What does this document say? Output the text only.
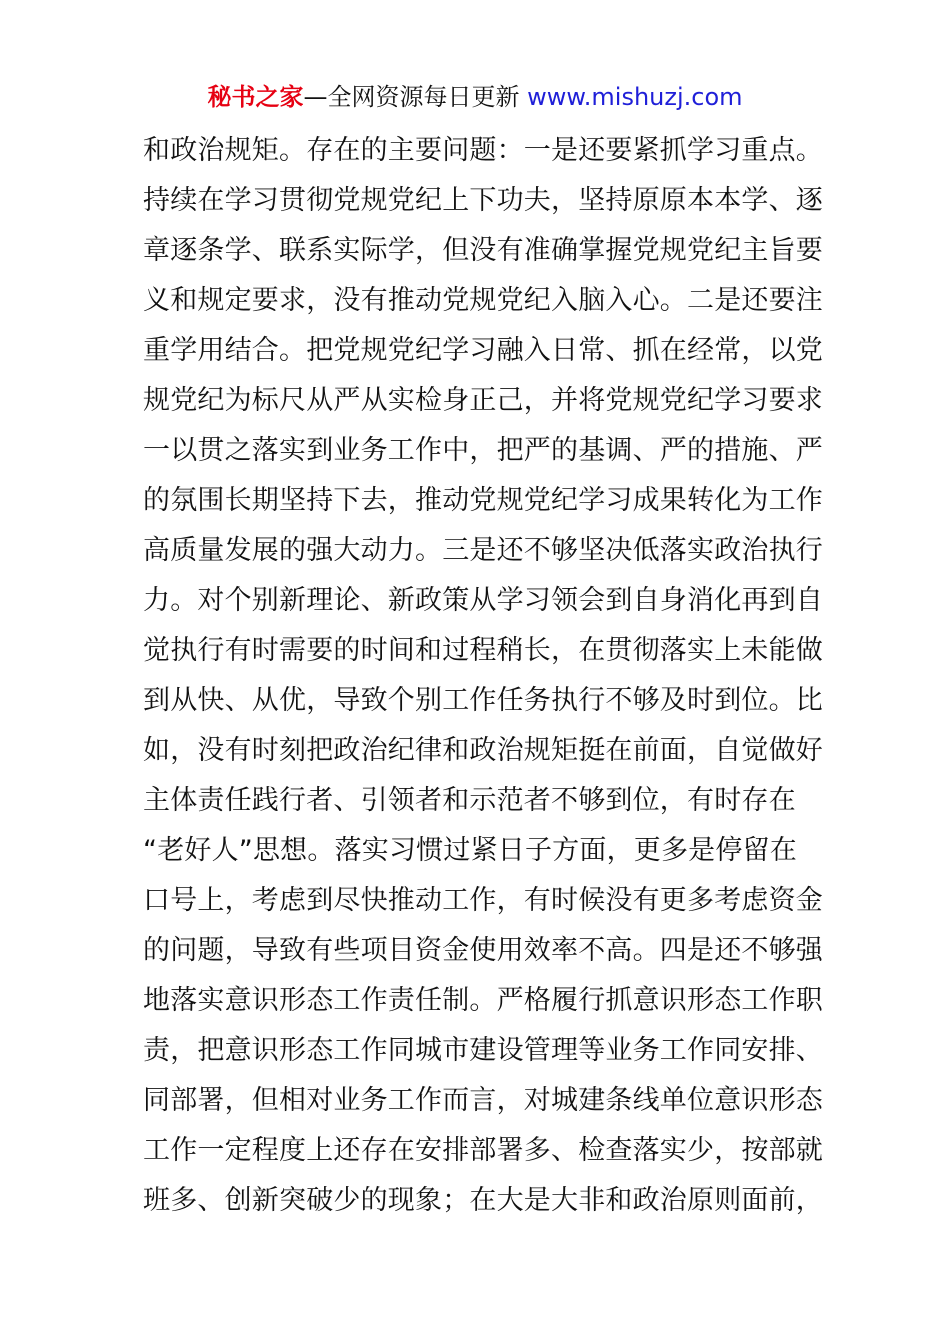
秘书之家—全网资源每日更新 www.mishuzj.com
和政治规矩。存在的主要问题：一是还要紧抓学习重点。
持续在学习贯彻党规党纪上下功夫，坚持原原本本学、逐
章逐条学、联系实际学，但没有准确掌握党规党纪主旨要
义和规定要求，没有推动党规党纪入脑入心。二是还要注
重学用结合。把党规党纪学习融入日常、抓在经常，以党
规党纪为标尺从严从实检身正己，并将党规党纪学习要求
一以贯之落实到业务工作中，把严的基调、严的措施、严
的氛围长期坚持下去，推动党规党纪学习成果转化为工作
高质量发展的强大动力。三是还不够坚决低落实政治执行
力。对个别新理论、新政策从学习领会到自身消化再到自
觉执行有时需要的时间和过程稍长，在贯彻落实上未能做
到从快、从优，导致个别工作任务执行不够及时到位。比
如，没有时刻把政治纪律和政治规矩挺在前面，自觉做好
主体责任践行者、引领者和示范者不够到位，有时存在
“老好人”思想。落实习惯过紧日子方面，更多是停留在
口号上，考虑到尽快推动工作，有时候没有更多考虑资金
的问题，导致有些项目资金使用效率不高。四是还不够强
地落实意识形态工作责任制。严格履行抓意识形态工作职
责，把意识形态工作同城市建设管理等业务工作同安排、
同部署，但相对业务工作而言，对城建条线单位意识形态
工作一定程度上还存在安排部署多、检查落实少，按部就
班多、创新突破少的现象；在大是大非和政治原则面前，
